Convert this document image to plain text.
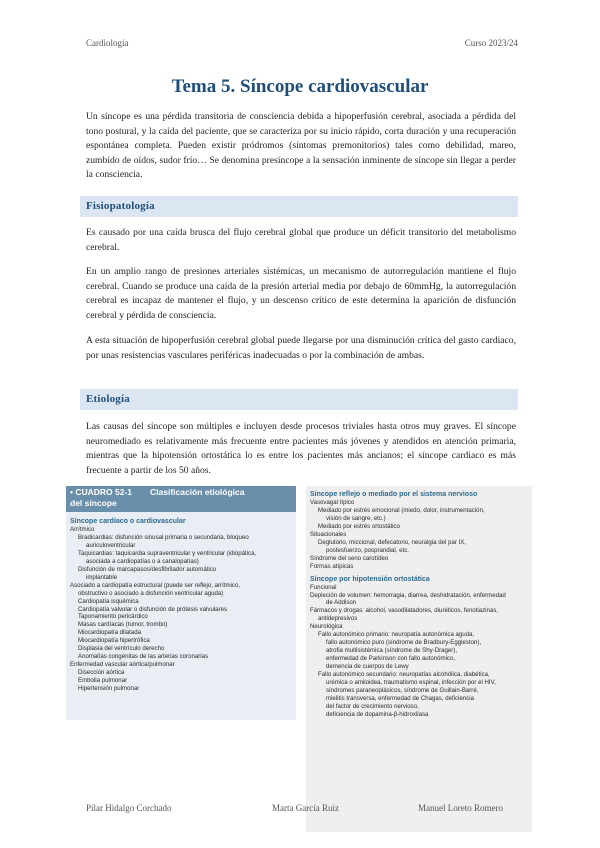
Cardiología	Curso 2023/24
Tema 5. Síncope cardiovascular

Un síncope es una pérdida transitoria de consciencia debida a hipoperfusión cerebral, asociada a pérdida del tono postural, y la caída del paciente, que se caracteriza por su inicio rápido, corta duración y una recuperación espontánea completa. Pueden existir pródromos (síntomas premonitorios) tales como debilidad, mareo, zumbido de oídos, sudor frío… Se denomina presíncope a la sensación inminente de síncope sin llegar a perder la consciencia.

Fisiopatología

Es causado por una caída brusca del flujo cerebral global que produce un déficit transitorio del metabolismo cerebral.

En un amplio rango de presiones arteriales sistémicas, un mecanismo de autorregulación mantiene el flujo cerebral. Cuando se produce una caída de la presión arterial media por debajo de 60mmHg, la autorregulación cerebral es incapaz de mantener el flujo, y un descenso crítico de este determina la aparición de disfunción cerebral y pérdida de consciencia.

A esta situación de hipoperfusión cerebral global puede llegarse por una disminución crítica del gasto cardiaco, por unas resistencias vasculares periféricas inadecuadas o por la combinación de ambas.

Etiología

Las causas del síncope son múltiples e incluyen desde procesos triviales hasta otros muy graves. El síncope neuromediado es relativamente más frecuente entre pacientes más jóvenes y atendidos en atención primaria, mientras que la hipotensión ortostática lo es entre los pacientes más ancianos; el síncope cardiaco es más frecuente a partir de los 50 años.

• CUADRO 52-1 Clasificación etiológica
del síncope
Síncope cardíaco o cardiovascular
Arrítmico
Bradicardias: disfunción sinusal primaria o secundaria, bloqueo
auriculoventricular
Taquicardias: taquicardia supraventricular y ventricular (idiopática,
asociada a cardiopatías o a canalopatías)
Disfunción de marcapasos/desfibrilador automático
implantable
Asociado a cardiopatía estructural (puede ser reflejo, arrítmico,
obstructivo o asociado a disfunción ventricular aguda)
Cardiopatía isquémica
Cardiopatía valvular o disfunción de prótesis valvulares
Taponamiento pericárdico
Masas cardíacas (tumor, trombo)
Miocardiopatía dilatada
Miocardiopatía hipertrófica
Displasia del ventrículo derecho
Anomalías congénitas de las arterias coronarias
Enfermedad vascular aórtica/pulmonar
Disección aórtica
Embolia pulmonar
Hipertensión pulmonar
Síncope reflejo o mediado por el sistema nervioso
Vasovagal típico
Mediado por estrés emocional (miedo, dolor, instrumentación,
visión de sangre, etc.)
Mediado por estrés ortostático
Situacionales
Deglutorio, miccional, defecatorio, neuralgia del par IX,
postesfuerzo, posprandial, etc.
Síndrome del seno carotídeo
Formas atípicas
Síncope por hipotensión ortostática
Funcional
Depleción de volumen: hemorragia, diarrea, deshidratación, enfermedad
de Addison
Fármacos y drogas: alcohol, vasodilatadores, diuréticos, fenotiazinas,
antidepresivos
Neurológica
Fallo autonómico primario: neuropatía autonómica aguda,
fallo autonómico puro (síndrome de Bradbury-Eggleston),
atrofia multisistémica (síndrome de Shy-Drager),
enfermedad de Parkinson con fallo autonómico,
demencia de cuerpos de Lewy
Fallo autonómico secundario: neuropatías alcohólica, diabética,
urémica o amiloidea, traumatismo espinal, infección por el HIV,
síndromes paraneoplásicos, síndrome de Guillain-Barré,
mielitis transversa, enfermedad de Chagas, deficiencia
del factor de crecimiento nervioso,
deficiencia de dopamina-β-hidroxilasa
Pilar Hidalgo Corchado	Marta García Ruiz	Manuel Loreto Romero
